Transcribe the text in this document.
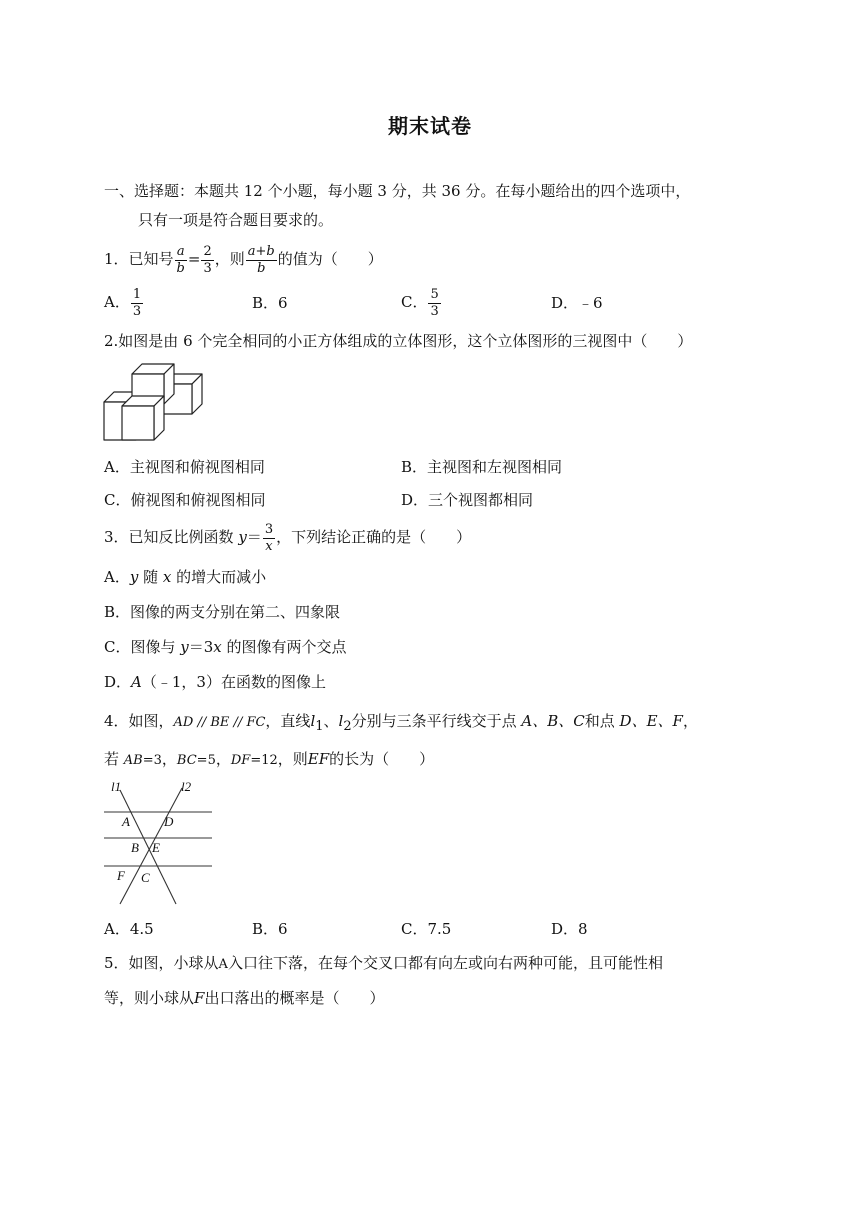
期末试卷
一、选择题：本题共 12 个小题，每小题 3 分，共 36 分。在每小题给出的四个选项中，
只有一项是符合题目要求的。
1．已知号 $\frac{a}{b} = \frac{2}{3}$ ，则 $\frac{a+b}{b}$ 的值为（　　）
A． $\frac{1}{3}$	B．6	C． $\frac{5}{3}$	D．﹣6
2.如图是由 6 个完全相同的小正方体组成的立体图形，这个立体图形的三视图中（　　）
A．主视图和俯视图相同	B．主视图和左视图相同
C．俯视图和俯视图相同	D．三个视图都相同
3．已知反比例函数 $y= \frac{3}{x}$ ，下列结论正确的是（　　）
A．y 随 x 的增大而减小
B．图像的两支分别在第二、四象限
C．图像与 y＝3x 的图像有两个交点
D．A（﹣1，3）在函数的图像上
4．如图，AD // BE // FC，直线$l_1$、$l_2$分别与三条平行线交于点 A、B、C和点 D、E、F，
若 AB=3，BC=5，DF=12，则EF的长为（　　）
l1	l2
A	D
B E
F C
A．4.5	B．6	C．7.5	D．8
5．如图，小球从A入口往下落，在每个交叉口都有向左或向右两种可能，且可能性相
等，则小球从F出口落出的概率是（　　）
